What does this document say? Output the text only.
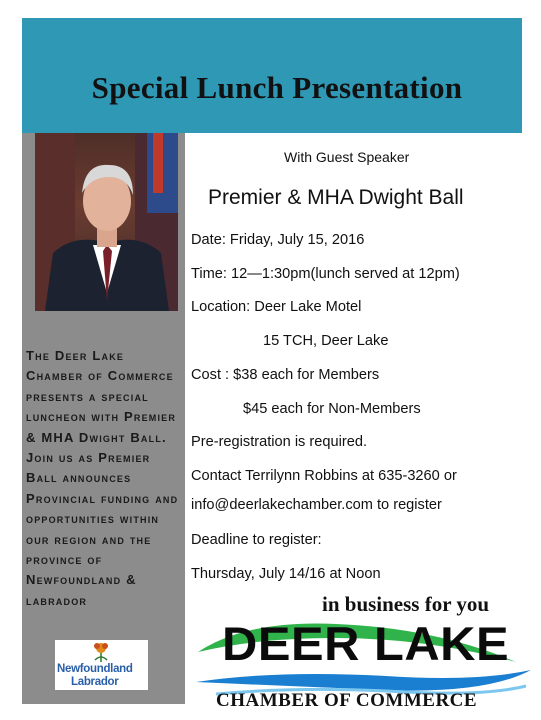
Special Lunch Presentation
The Deer Lake Chamber of Commerce presents a special luncheon with Premier & MHA Dwight Ball. Join us as Premier Ball announces Provincial funding and opportunities within our region and the province of Newfoundland & labrador
Newfoundland
Labrador
With Guest Speaker
Premier & MHA Dwight Ball
Date: Friday, July 15, 2016
Time: 12—1:30pm(lunch served at 12pm)
Location: Deer Lake Motel
15 TCH, Deer Lake
Cost : $38 each for Members
$45 each for Non-Members
Pre-registration is required.
Contact Terrilynn Robbins at 635-3260 or
info@deerlakechamber.com to register
Deadline to register:
Thursday, July 14/16 at Noon
in business for you
DEER LAKE
CHAMBER OF COMMERCE
